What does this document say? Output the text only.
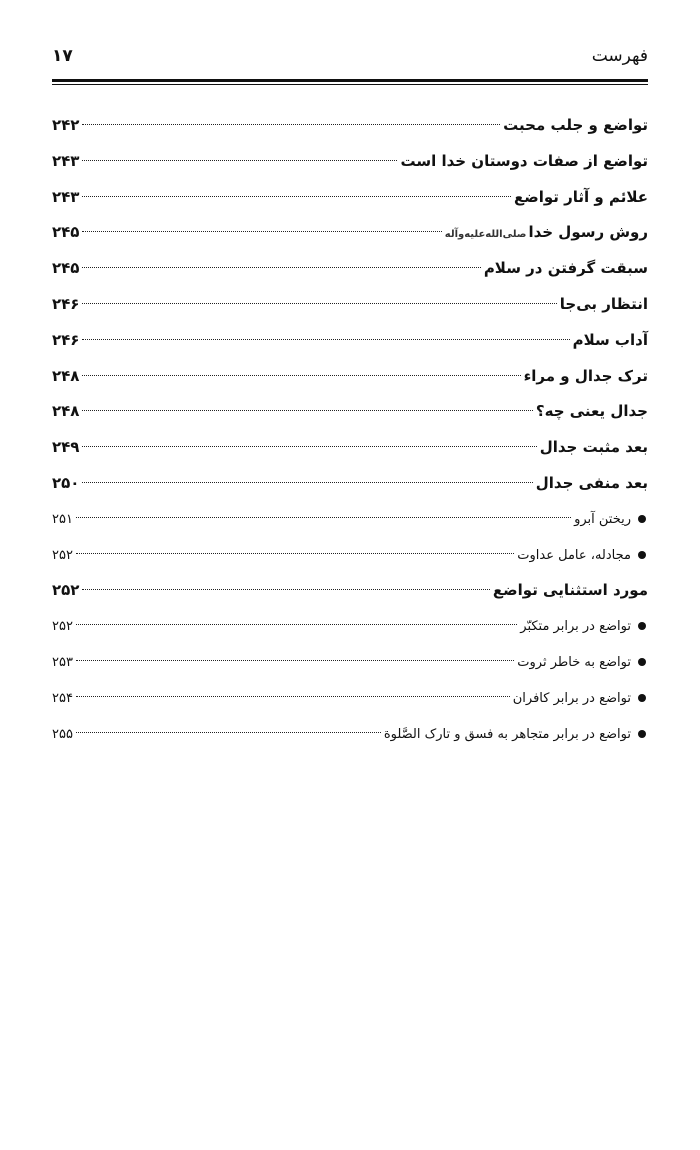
فهرست
۱۷
تواضع و جلب محبت
۲۴۲
تواضع از صفات دوستان خدا است
۲۴۳
علائم و آثار تواضع
۲۴۳
روش رسول خداصلى‌الله‌عليه‌وآله
۲۴۵
سبقت گرفتن در سلام
۲۴۵
انتظار بی‌جا
۲۴۶
آداب سلام
۲۴۶
ترک جدال و مراء
۲۴۸
جدال یعنی چه؟
۲۴۸
بعد مثبت جدال
۲۴۹
بعد منفی جدال
۲۵۰
ریختن آبرو
۲۵۱
مجادله، عامل عداوت
۲۵۲
مورد استثنایی تواضع
۲۵۲
تواضع در برابر متکبّر
۲۵۲
تواضع به خاطر ثروت
۲۵۳
تواضع در برابر کافران
۲۵۴
تواضع در برابر متجاهر به فسق و تارک الصَّلوة
۲۵۵
